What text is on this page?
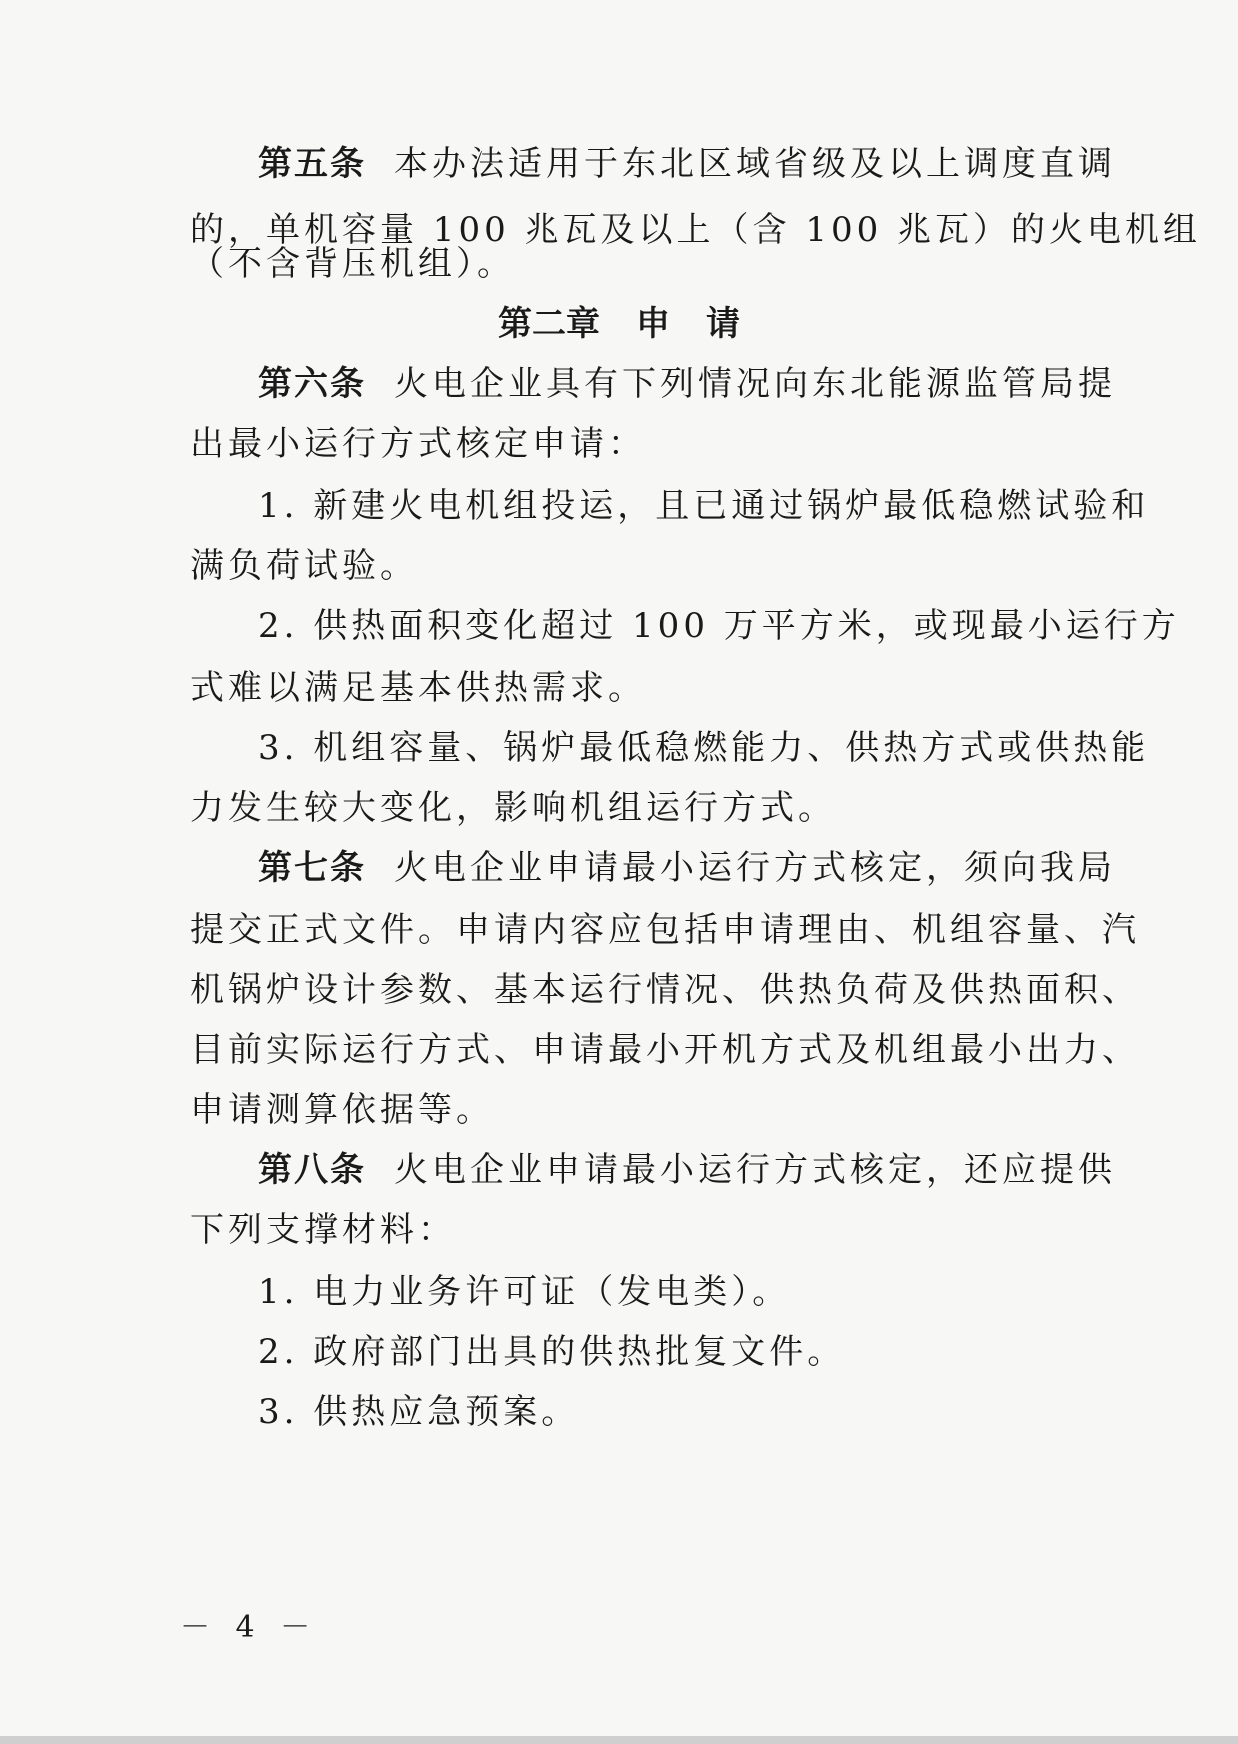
第五条 本办法适用于东北区域省级及以上调度直调
的，单机容量 100 兆瓦及以上（含 100 兆瓦）的火电机组
（不含背压机组）。
第二章 申 请
第六条 火电企业具有下列情况向东北能源监管局提
出最小运行方式核定申请：
1. 新建火电机组投运，且已通过锅炉最低稳燃试验和
满负荷试验。
2. 供热面积变化超过 100 万平方米，或现最小运行方
式难以满足基本供热需求。
3. 机组容量、锅炉最低稳燃能力、供热方式或供热能
力发生较大变化，影响机组运行方式。
第七条 火电企业申请最小运行方式核定，须向我局
提交正式文件。申请内容应包括申请理由、机组容量、汽
机锅炉设计参数、基本运行情况、供热负荷及供热面积、
目前实际运行方式、申请最小开机方式及机组最小出力、
申请测算依据等。
第八条 火电企业申请最小运行方式核定，还应提供
下列支撑材料：
1. 电力业务许可证（发电类）。
2. 政府部门出具的供热批复文件。
3. 供热应急预案。
－ 4 －
